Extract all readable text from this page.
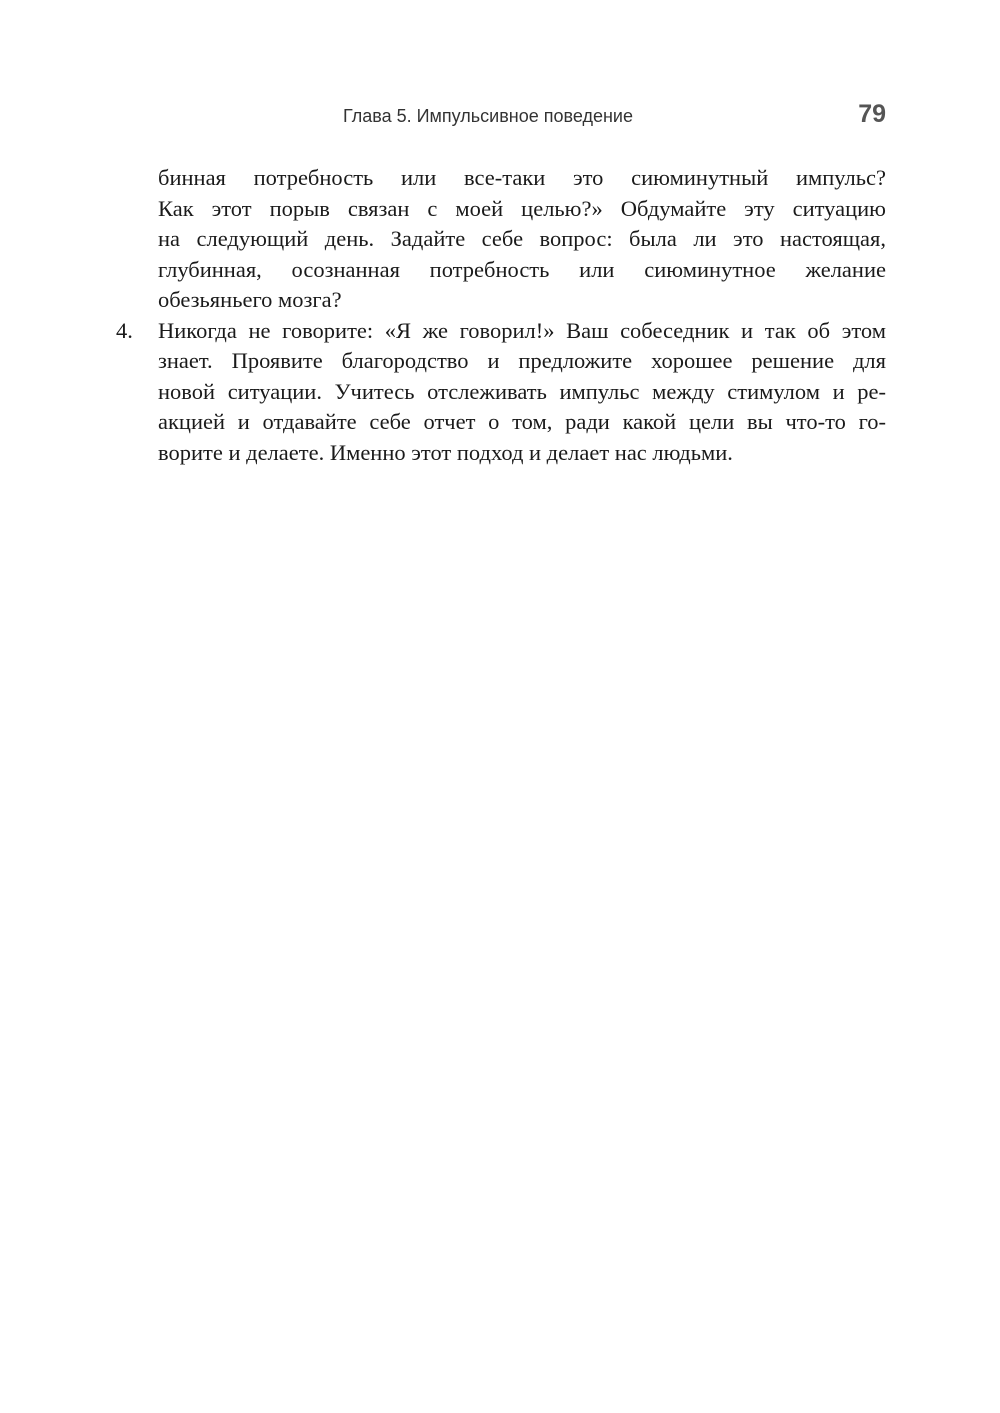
Глава 5. Импульсивное поведение	79
бинная потребность или все-таки это сиюминутный импульс?
Как этот порыв связан с моей целью?» Обдумайте эту ситуацию
на следующий день. Задайте себе вопрос: была ли это настоящая,
глубинная, осознанная потребность или сиюминутное желание
обезьяньего мозга?
4. Никогда не говорите: «Я же говорил!» Ваш собеседник и так об этом
знает. Проявите благородство и предложите хорошее решение для
новой ситуации. Учитесь отслеживать импульс между стимулом и ре-
акцией и отдавайте себе отчет о том, ради какой цели вы что-то го-
ворите и делаете. Именно этот подход и делает нас людьми.
